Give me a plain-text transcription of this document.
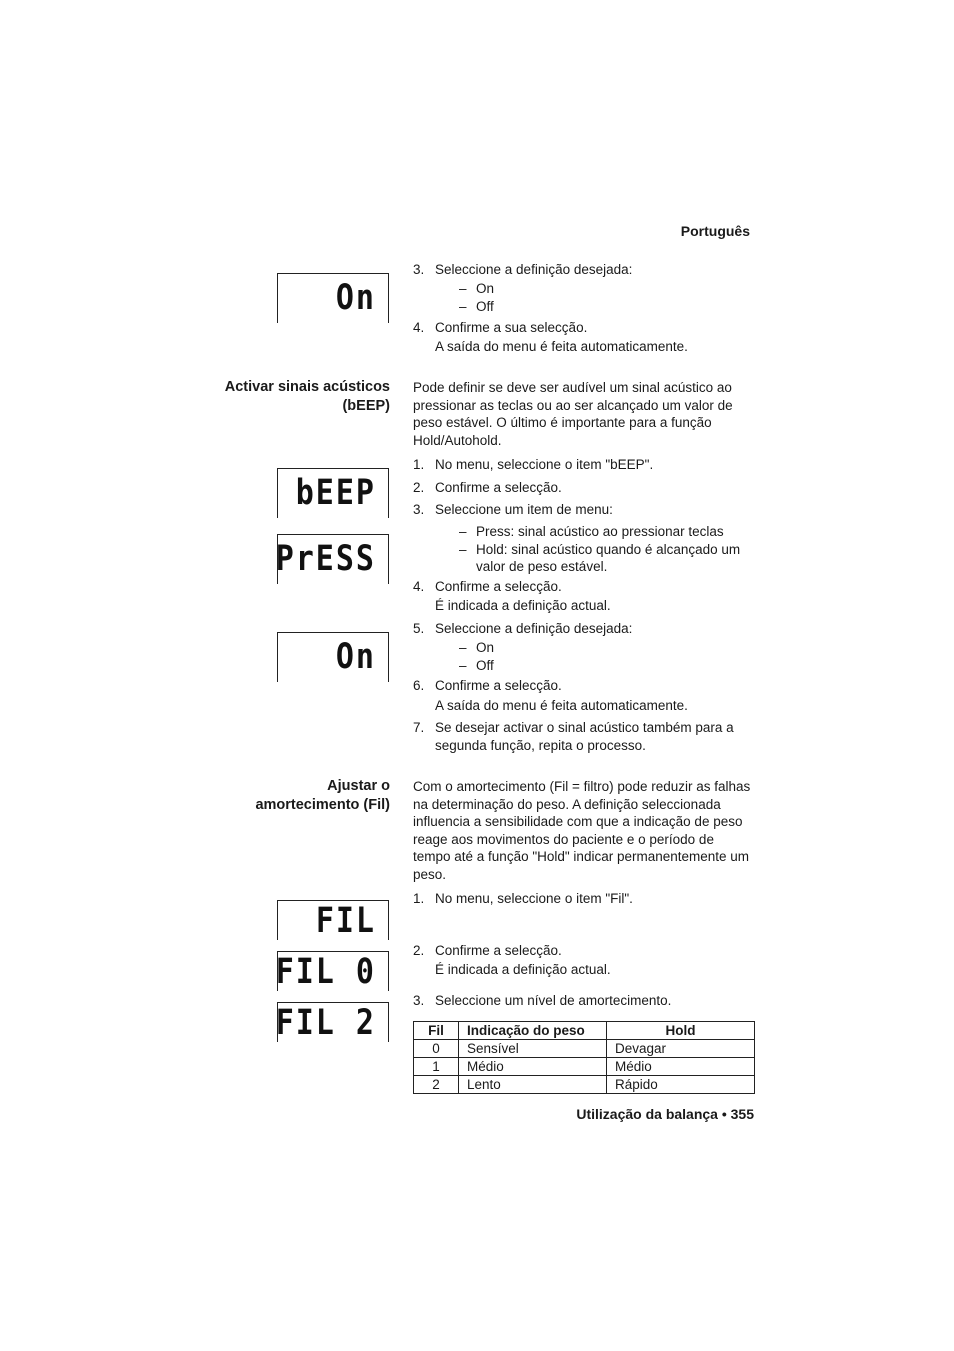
Português
On
3. Seleccione a definição desejada:
– On
– Off
4. Confirme a sua selecção.
A saída do menu é feita automaticamente.
Activar sinais acústicos
(bEEP)
Pode definir se deve ser audível um sinal acústico ao pressionar as teclas ou ao ser alcançado um valor de peso estável. O último é importante para a função Hold/Autohold.
bEEP
PrESS
On
1. No menu, seleccione o item "bEEP".
2. Confirme a selecção.
3. Seleccione um item de menu:
– Press: sinal acústico ao pressionar teclas
– Hold: sinal acústico quando é alcançado um valor de peso estável.
4. Confirme a selecção.
É indicada a definição actual.
5. Seleccione a definição desejada:
– On
– Off
6. Confirme a selecção.
A saída do menu é feita automaticamente.
7. Se desejar activar o sinal acústico também para a segunda função, repita o processo.
Ajustar o
amortecimento (Fil)
Com o amortecimento (Fil = filtro) pode reduzir as falhas na determinação do peso. A definição seleccionada influencia a sensibilidade com que a indicação de peso reage aos movimentos do paciente e o período de tempo até a função "Hold" indicar permanentemente um peso.
FIL
FIL 0
FIL 2
1. No menu, seleccione o item "Fil".
2. Confirme a selecção.
É indicada a definição actual.
3. Seleccione um nível de amortecimento.
Fil	Indicação do peso	Hold
0	Sensível	Devagar
1	Médio	Médio
2	Lento	Rápido
Utilização da balança • 355
